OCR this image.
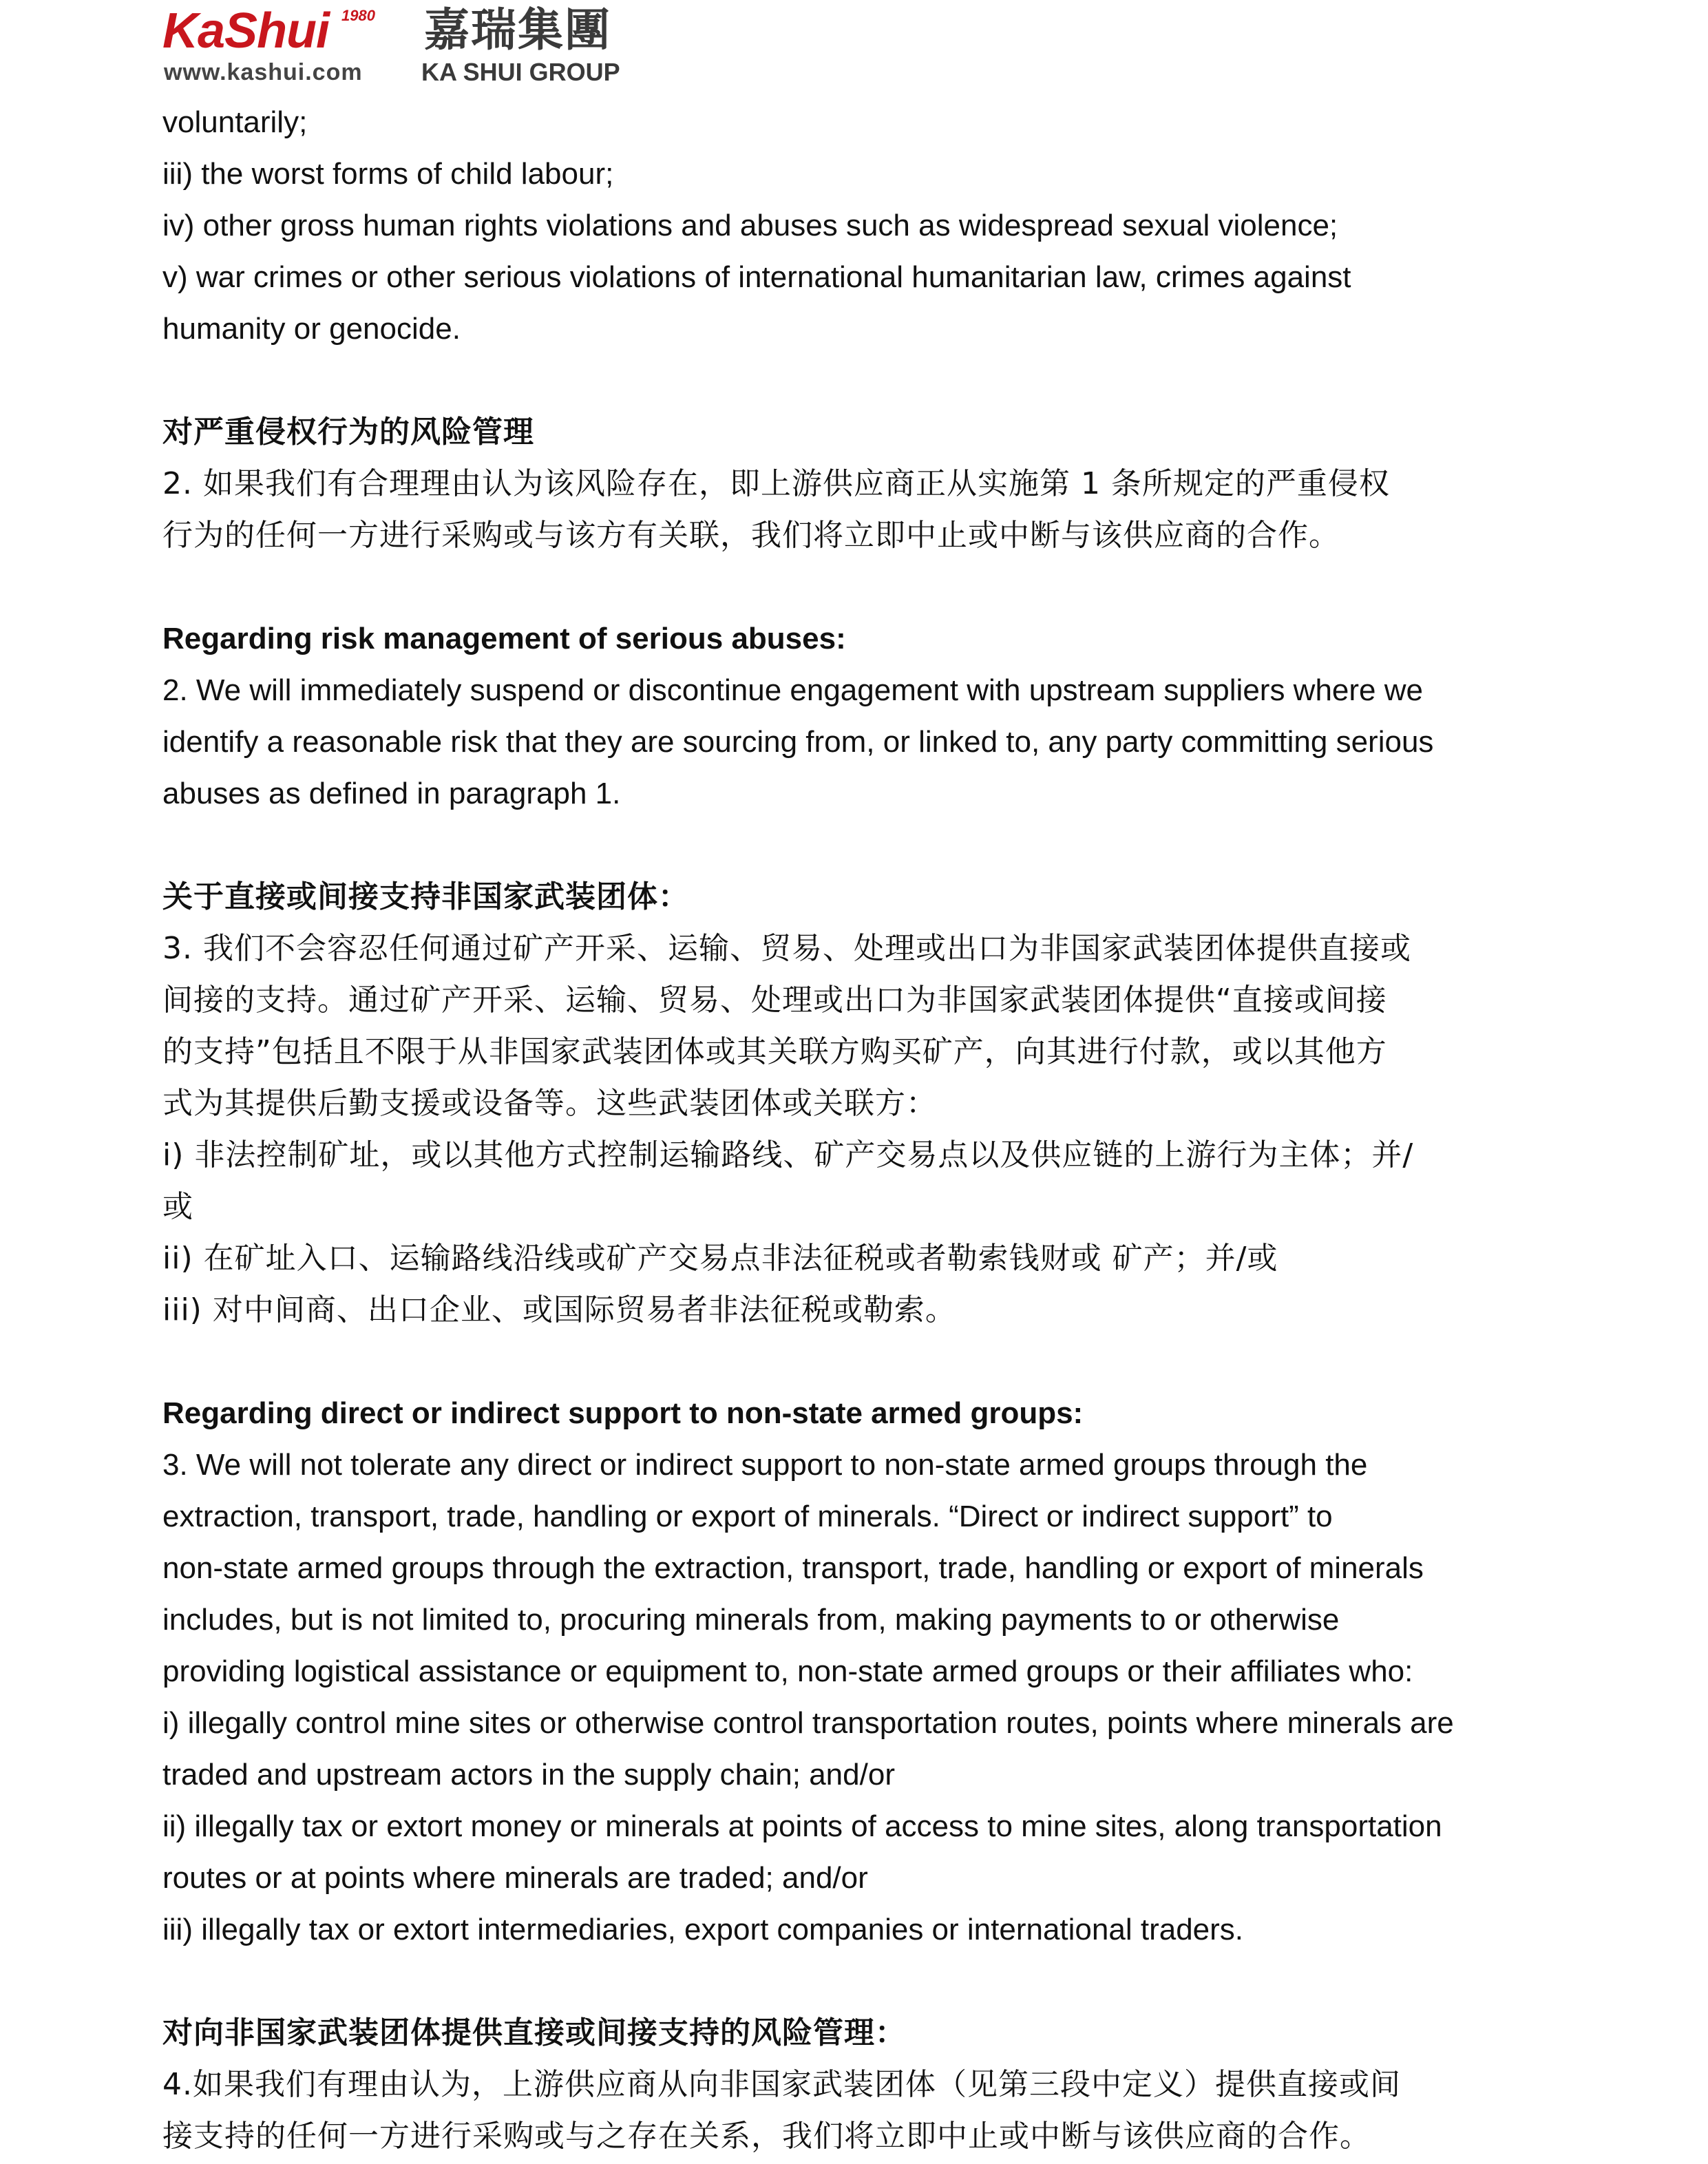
KaShui 1980
www.kashui.com
嘉瑞集團
KA SHUI GROUP
voluntarily;
iii) the worst forms of child labour;
iv) other gross human rights violations and abuses such as widespread sexual violence;
v) war crimes or other serious violations of international humanitarian law, crimes against
humanity or genocide.
对严重侵权行为的风险管理
2. 如果我们有合理理由认为该风险存在，即上游供应商正从实施第 1 条所规定的严重侵权
行为的任何一方进行采购或与该方有关联，我们将立即中止或中断与该供应商的合作。
Regarding risk management of serious abuses:
2. We will immediately suspend or discontinue engagement with upstream suppliers where we
identify a reasonable risk that they are sourcing from, or linked to, any party committing serious
abuses as defined in paragraph 1.
关于直接或间接支持非国家武装团体：
3. 我们不会容忍任何通过矿产开采、运输、贸易、处理或出口为非国家武装团体提供直接或
间接的支持。通过矿产开采、运输、贸易、处理或出口为非国家武装团体提供“直接或间接
的支持”包括且不限于从非国家武装团体或其关联方购买矿产，向其进行付款，或以其他方
式为其提供后勤支援或设备等。这些武装团体或关联方：
i) 非法控制矿址，或以其他方式控制运输路线、矿产交易点以及供应链的上游行为主体；并/
或
ii) 在矿址入口、运输路线沿线或矿产交易点非法征税或者勒索钱财或 矿产；并/或
iii) 对中间商、出口企业、或国际贸易者非法征税或勒索。
Regarding direct or indirect support to non-state armed groups:
3. We will not tolerate any direct or indirect support to non-state armed groups through the
extraction, transport, trade, handling or export of minerals. “Direct or indirect support” to
non-state armed groups through the extraction, transport, trade, handling or export of minerals
includes, but is not limited to, procuring minerals from, making payments to or otherwise
providing logistical assistance or equipment to, non-state armed groups or their affiliates who:
i) illegally control mine sites or otherwise control transportation routes, points where minerals are
traded and upstream actors in the supply chain; and/or
ii) illegally tax or extort money or minerals at points of access to mine sites, along transportation
routes or at points where minerals are traded; and/or
iii) illegally tax or extort intermediaries, export companies or international traders.
对向非国家武装团体提供直接或间接支持的风险管理：
4.如果我们有理由认为，上游供应商从向非国家武装团体（见第三段中定义）提供直接或间
接支持的任何一方进行采购或与之存在关系，我们将立即中止或中断与该供应商的合作。
